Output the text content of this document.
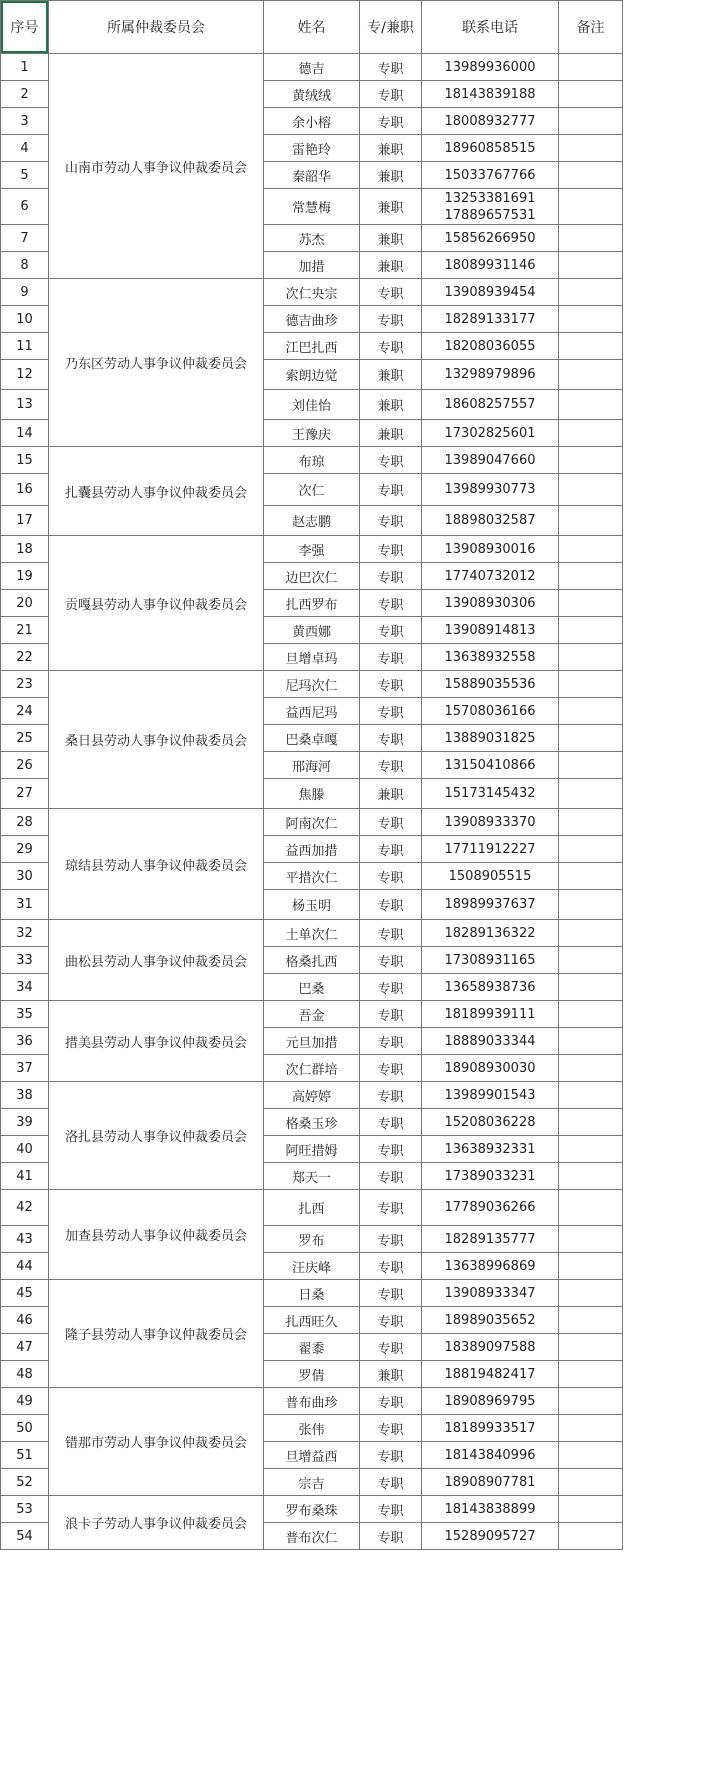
序号	所属仲裁委员会	姓名	专/兼职	联系电话	备注
1	山南市劳动人事争议仲裁委员会	德吉	专职	13989936000	

2		黄绒绒	专职	18143839188	

3		余小榕	专职	18008932777	

4		雷艳玲	兼职	18960858515	

5		秦韶华	兼职	15033767766	

6		常慧梅	兼职	13253381691
17889657531	

7		苏杰	兼职	15856266950	

8		加措	兼职	18089931146	

9	乃东区劳动人事争议仲裁委员会	次仁央宗	专职	13908939454	

10		德吉曲珍	专职	18289133177	

11		江巴扎西	专职	18208036055	

12		索朗边觉	兼职	13298979896	

13		刘佳怡	兼职	18608257557	

14		王豫庆	兼职	17302825601	

15	扎囊县劳动人事争议仲裁委员会	布琼	专职	13989047660	

16		次仁	专职	13989930773	

17		赵志鹏	专职	18898032587	

18	贡嘎县劳动人事争议仲裁委员会	李强	专职	13908930016	

19		边巴次仁	专职	17740732012	

20		扎西罗布	专职	13908930306	

21		黄西娜	专职	13908914813	

22		旦增卓玛	专职	13638932558	

23	桑日县劳动人事争议仲裁委员会	尼玛次仁	专职	15889035536	

24		益西尼玛	专职	15708036166	

25		巴桑卓嘎	专职	13889031825	

26		邢海河	专职	13150410866	

27		焦滕	兼职	15173145432	

28	琼结县劳动人事争议仲裁委员会	阿南次仁	专职	13908933370	

29		益西加措	专职	17711912227	

30		平措次仁	专职	1508905515	

31		杨玉明	专职	18989937637	

32	曲松县劳动人事争议仲裁委员会	土单次仁	专职	18289136322	

33		格桑扎西	专职	17308931165	

34		巴桑	专职	13658938736	

35	措美县劳动人事争议仲裁委员会	吾金	专职	18189939111	

36		元旦加措	专职	18889033344	

37		次仁群培	专职	18908930030	

38	洛扎县劳动人事争议仲裁委员会	高婷婷	专职	13989901543	

39		格桑玉珍	专职	15208036228	

40		阿旺措姆	专职	13638932331	

41		郑天一	专职	17389033231	

42	加查县劳动人事争议仲裁委员会	扎西	专职	17789036266	

43		罗布	专职	18289135777	

44		汪庆峰	专职	13638996869	

45	隆子县劳动人事争议仲裁委员会	日桑	专职	13908933347	

46		扎西旺久	专职	18989035652	

47		翟黍	专职	18389097588	

48		罗倩	兼职	18819482417	

49	错那市劳动人事争议仲裁委员会	普布曲珍	专职	18908969795	

50		张伟	专职	18189933517	

51		旦增益西	专职	18143840996	

52		宗吉	专职	18908907781	

53	浪卡子劳动人事争议仲裁委员会	罗布桑珠	专职	18143838899	

54		普布次仁	专职	15289095727	
